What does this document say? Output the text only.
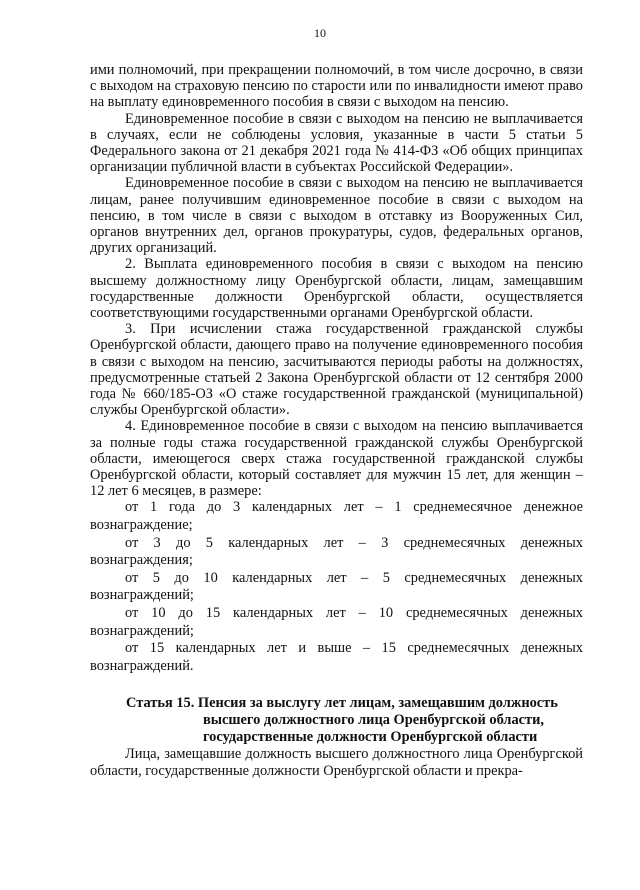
10

ими полномочий, при прекращении полномочий, в том числе досрочно, в связи с выходом на страховую пенсию по старости или по инвалидности имеют право на выплату единовременного пособия в связи с выходом на пенсию.

Единовременное пособие в связи с выходом на пенсию не выплачивается в случаях, если не соблюдены условия, указанные в части 5 статьи 5 Федерального закона от 21 декабря 2021 года № 414-ФЗ «Об общих принципах организации публичной власти в субъектах Российской Федерации».

Единовременное пособие в связи с выходом на пенсию не выплачивается лицам, ранее получившим единовременное пособие в связи с выходом на пенсию, в том числе в связи с выходом в отставку из Вооруженных Сил, органов внутренних дел, органов прокуратуры, судов, федеральных органов, других организаций.

2. Выплата единовременного пособия в связи с выходом на пенсию высшему должностному лицу Оренбургской области, лицам, замещавшим государственные должности Оренбургской области, осуществляется соответствующими государственными органами Оренбургской области.

3. При исчислении стажа государственной гражданской службы Оренбургской области, дающего право на получение единовременного пособия в связи с выходом на пенсию, засчитываются периоды работы на должностях, предусмотренные статьей 2 Закона Оренбургской области от 12 сентября 2000 года № 660/185-ОЗ «О стаже государственной гражданской (муниципальной) службы Оренбургской области».

4. Единовременное пособие в связи с выходом на пенсию выплачивается за полные годы стажа государственной гражданской службы Оренбургской области, имеющегося сверх стажа государственной гражданской службы Оренбургской области, который составляет для мужчин 15 лет, для женщин – 12 лет 6 месяцев, в размере:

от 1 года до 3 календарных лет – 1 среднемесячное денежное вознаграждение;

от 3 до 5 календарных лет – 3 среднемесячных денежных вознаграждения;

от 5 до 10 календарных лет – 5 среднемесячных денежных вознаграждений;

от 10 до 15 календарных лет – 10 среднемесячных денежных вознаграждений;

от 15 календарных лет и выше – 15 среднемесячных денежных вознаграждений.

Статья 15. Пенсия за выслугу лет лицам, замещавшим должность
высшего должностного лица Оренбургской области,
государственные должности Оренбургской области

Лица, замещавшие должность высшего должностного лица Оренбургской области, государственные должности Оренбургской области и прекра-
